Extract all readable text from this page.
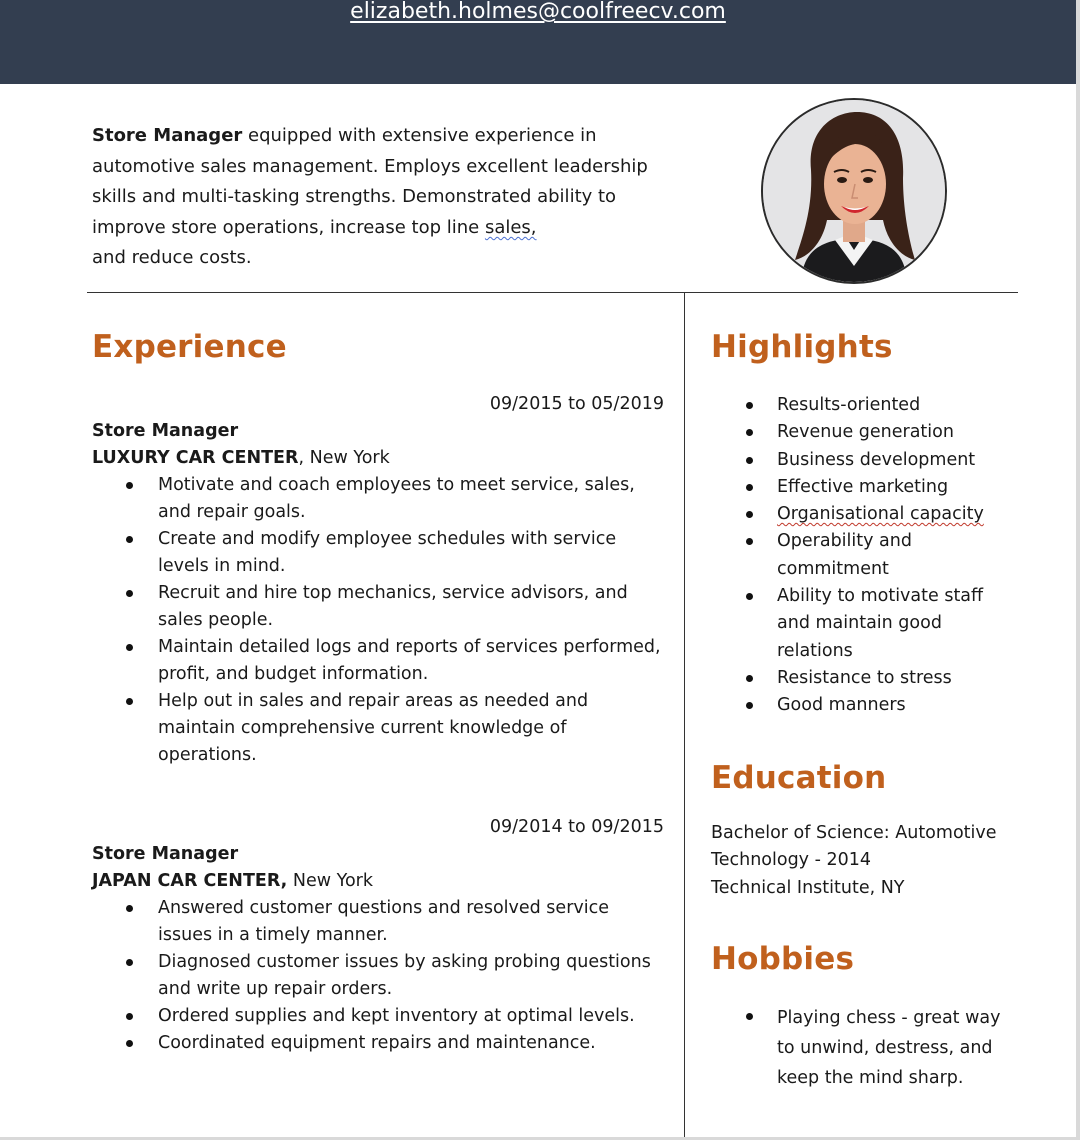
elizabeth.holmes@coolfreecv.com
Store Manager equipped with extensive experience in
automotive sales management. Employs excellent leadership
skills and multi-tasking strengths. Demonstrated ability to
improve store operations, increase top line sales,
and reduce costs.
Experience
09/2015 to 05/2019
Store Manager
LUXURY CAR CENTER, New York
Motivate and coach employees to meet service, sales, and repair goals.
Create and modify employee schedules with service levels in mind.
Recruit and hire top mechanics, service advisors, and sales people.
Maintain detailed logs and reports of services performed, profit, and budget information.
Help out in sales and repair areas as needed and maintain comprehensive current knowledge of operations.
09/2014 to 09/2015
Store Manager
JAPAN CAR CENTER, New York
Answered customer questions and resolved service issues in a timely manner.
Diagnosed customer issues by asking probing questions and write up repair orders.
Ordered supplies and kept inventory at optimal levels.
Coordinated equipment repairs and maintenance.
Highlights
Results-oriented
Revenue generation
Business development
Effective marketing
Organisational capacity
Operability and commitment
Ability to motivate staff and maintain good relations
Resistance to stress
Good manners
Education
Bachelor of Science: Automotive
Technology - 2014
Technical Institute, NY
Hobbies
Playing chess - great way to unwind, destress, and keep the mind sharp.
